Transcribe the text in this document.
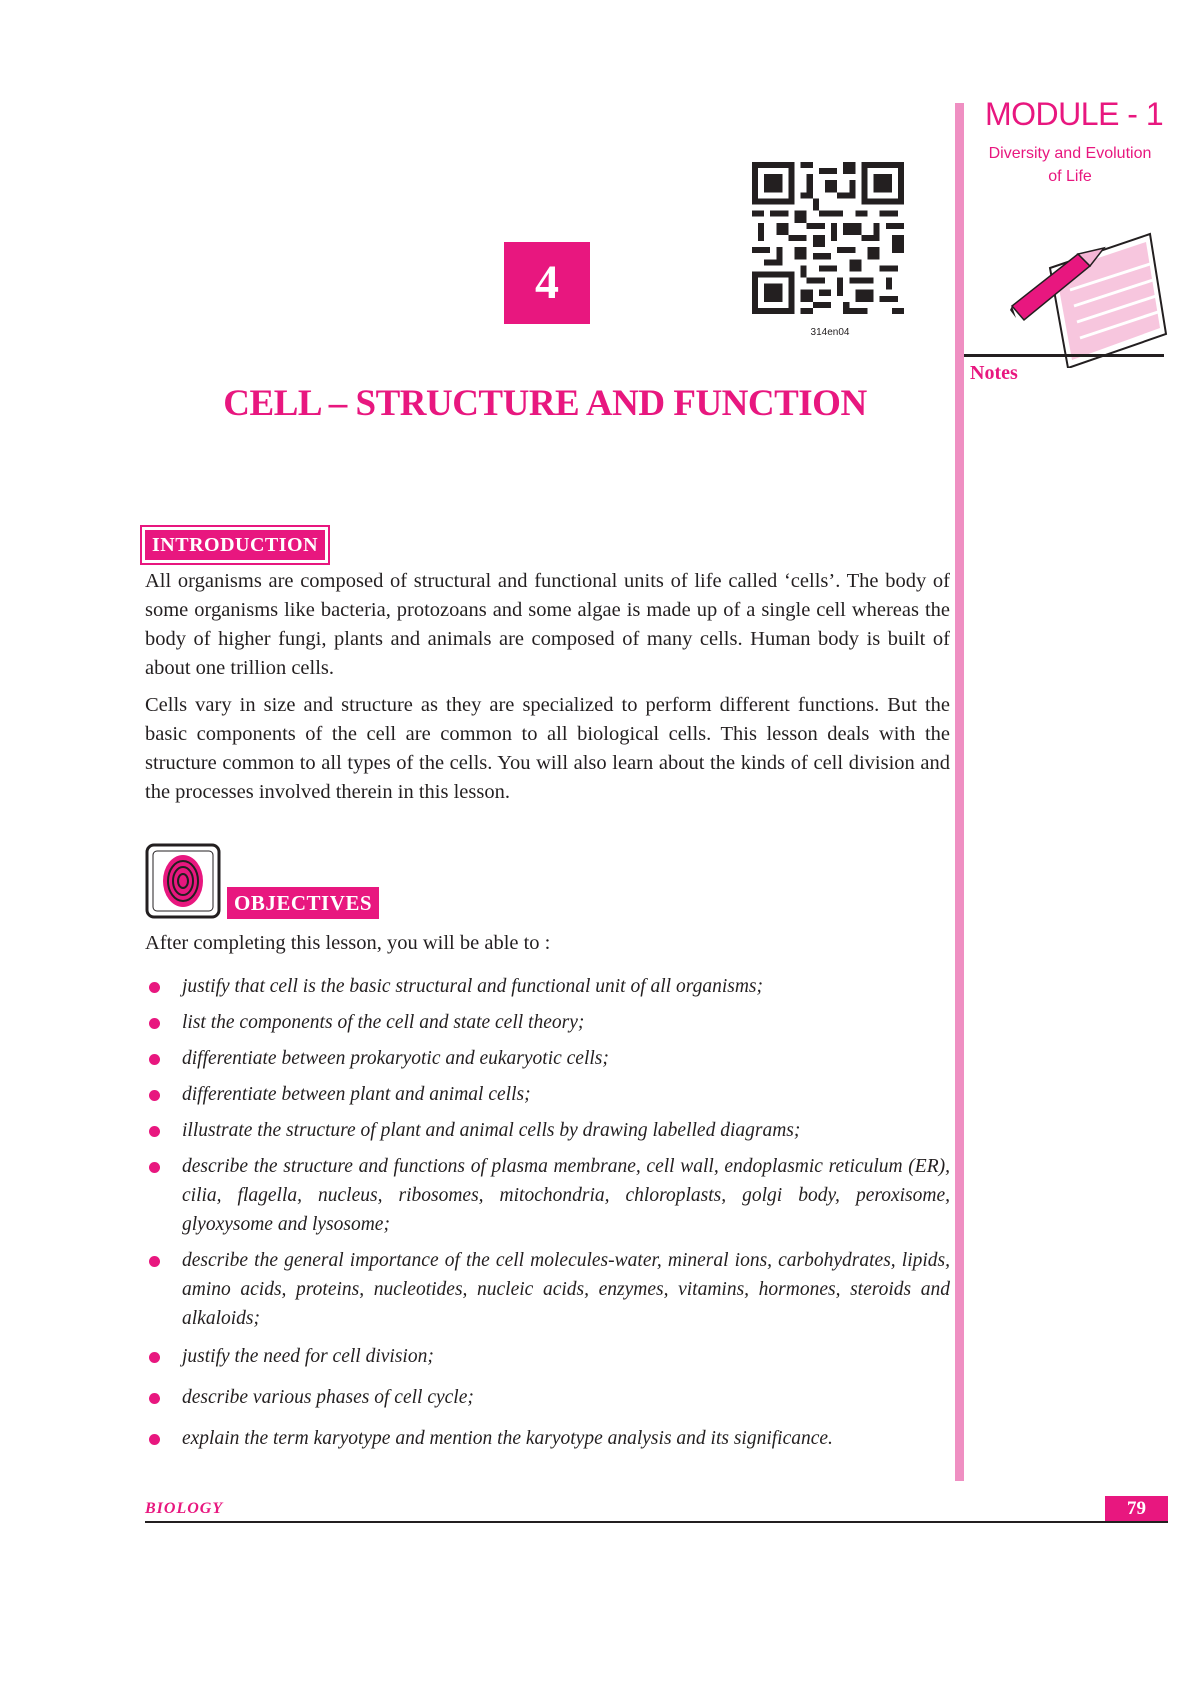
MODULE - 1
Diversity and Evolution
of Life
Notes
4
314en04
CELL – STRUCTURE AND FUNCTION
INTRODUCTION

All organisms are composed of structural and functional units of life called ‘cells’. The body of some organisms like bacteria, protozoans and some algae is made up of a single cell whereas the body of higher fungi, plants and animals are composed of many cells. Human body is built of about one trillion cells.

Cells vary in size and structure as they are specialized to perform different functions. But the basic components of the cell are common to all biological cells. This lesson deals with the structure common to all types of the cells. You will also learn about the kinds of cell division and the processes involved therein in this lesson.

OBJECTIVES
After completing this lesson, you will be able to :
justify that cell is the basic structural and functional unit of all organisms;
list the components of the cell and state cell theory;
differentiate between prokaryotic and eukaryotic cells;
differentiate between plant and animal cells;
illustrate the structure of plant and animal cells by drawing labelled diagrams;
describe the structure and functions of plasma membrane, cell wall, endoplasmic reticulum (ER), cilia, flagella, nucleus, ribosomes, mitochondria, chloroplasts, golgi body, peroxisome, glyoxysome and lysosome;
describe the general importance of the cell molecules-water, mineral ions, carbohydrates, lipids, amino acids, proteins, nucleotides, nucleic acids, enzymes, vitamins, hormones, steroids and alkaloids;
justify the need for cell division;
describe various phases of cell cycle;
explain the term karyotype and mention the karyotype analysis and its significance.
BIOLOGY	79
